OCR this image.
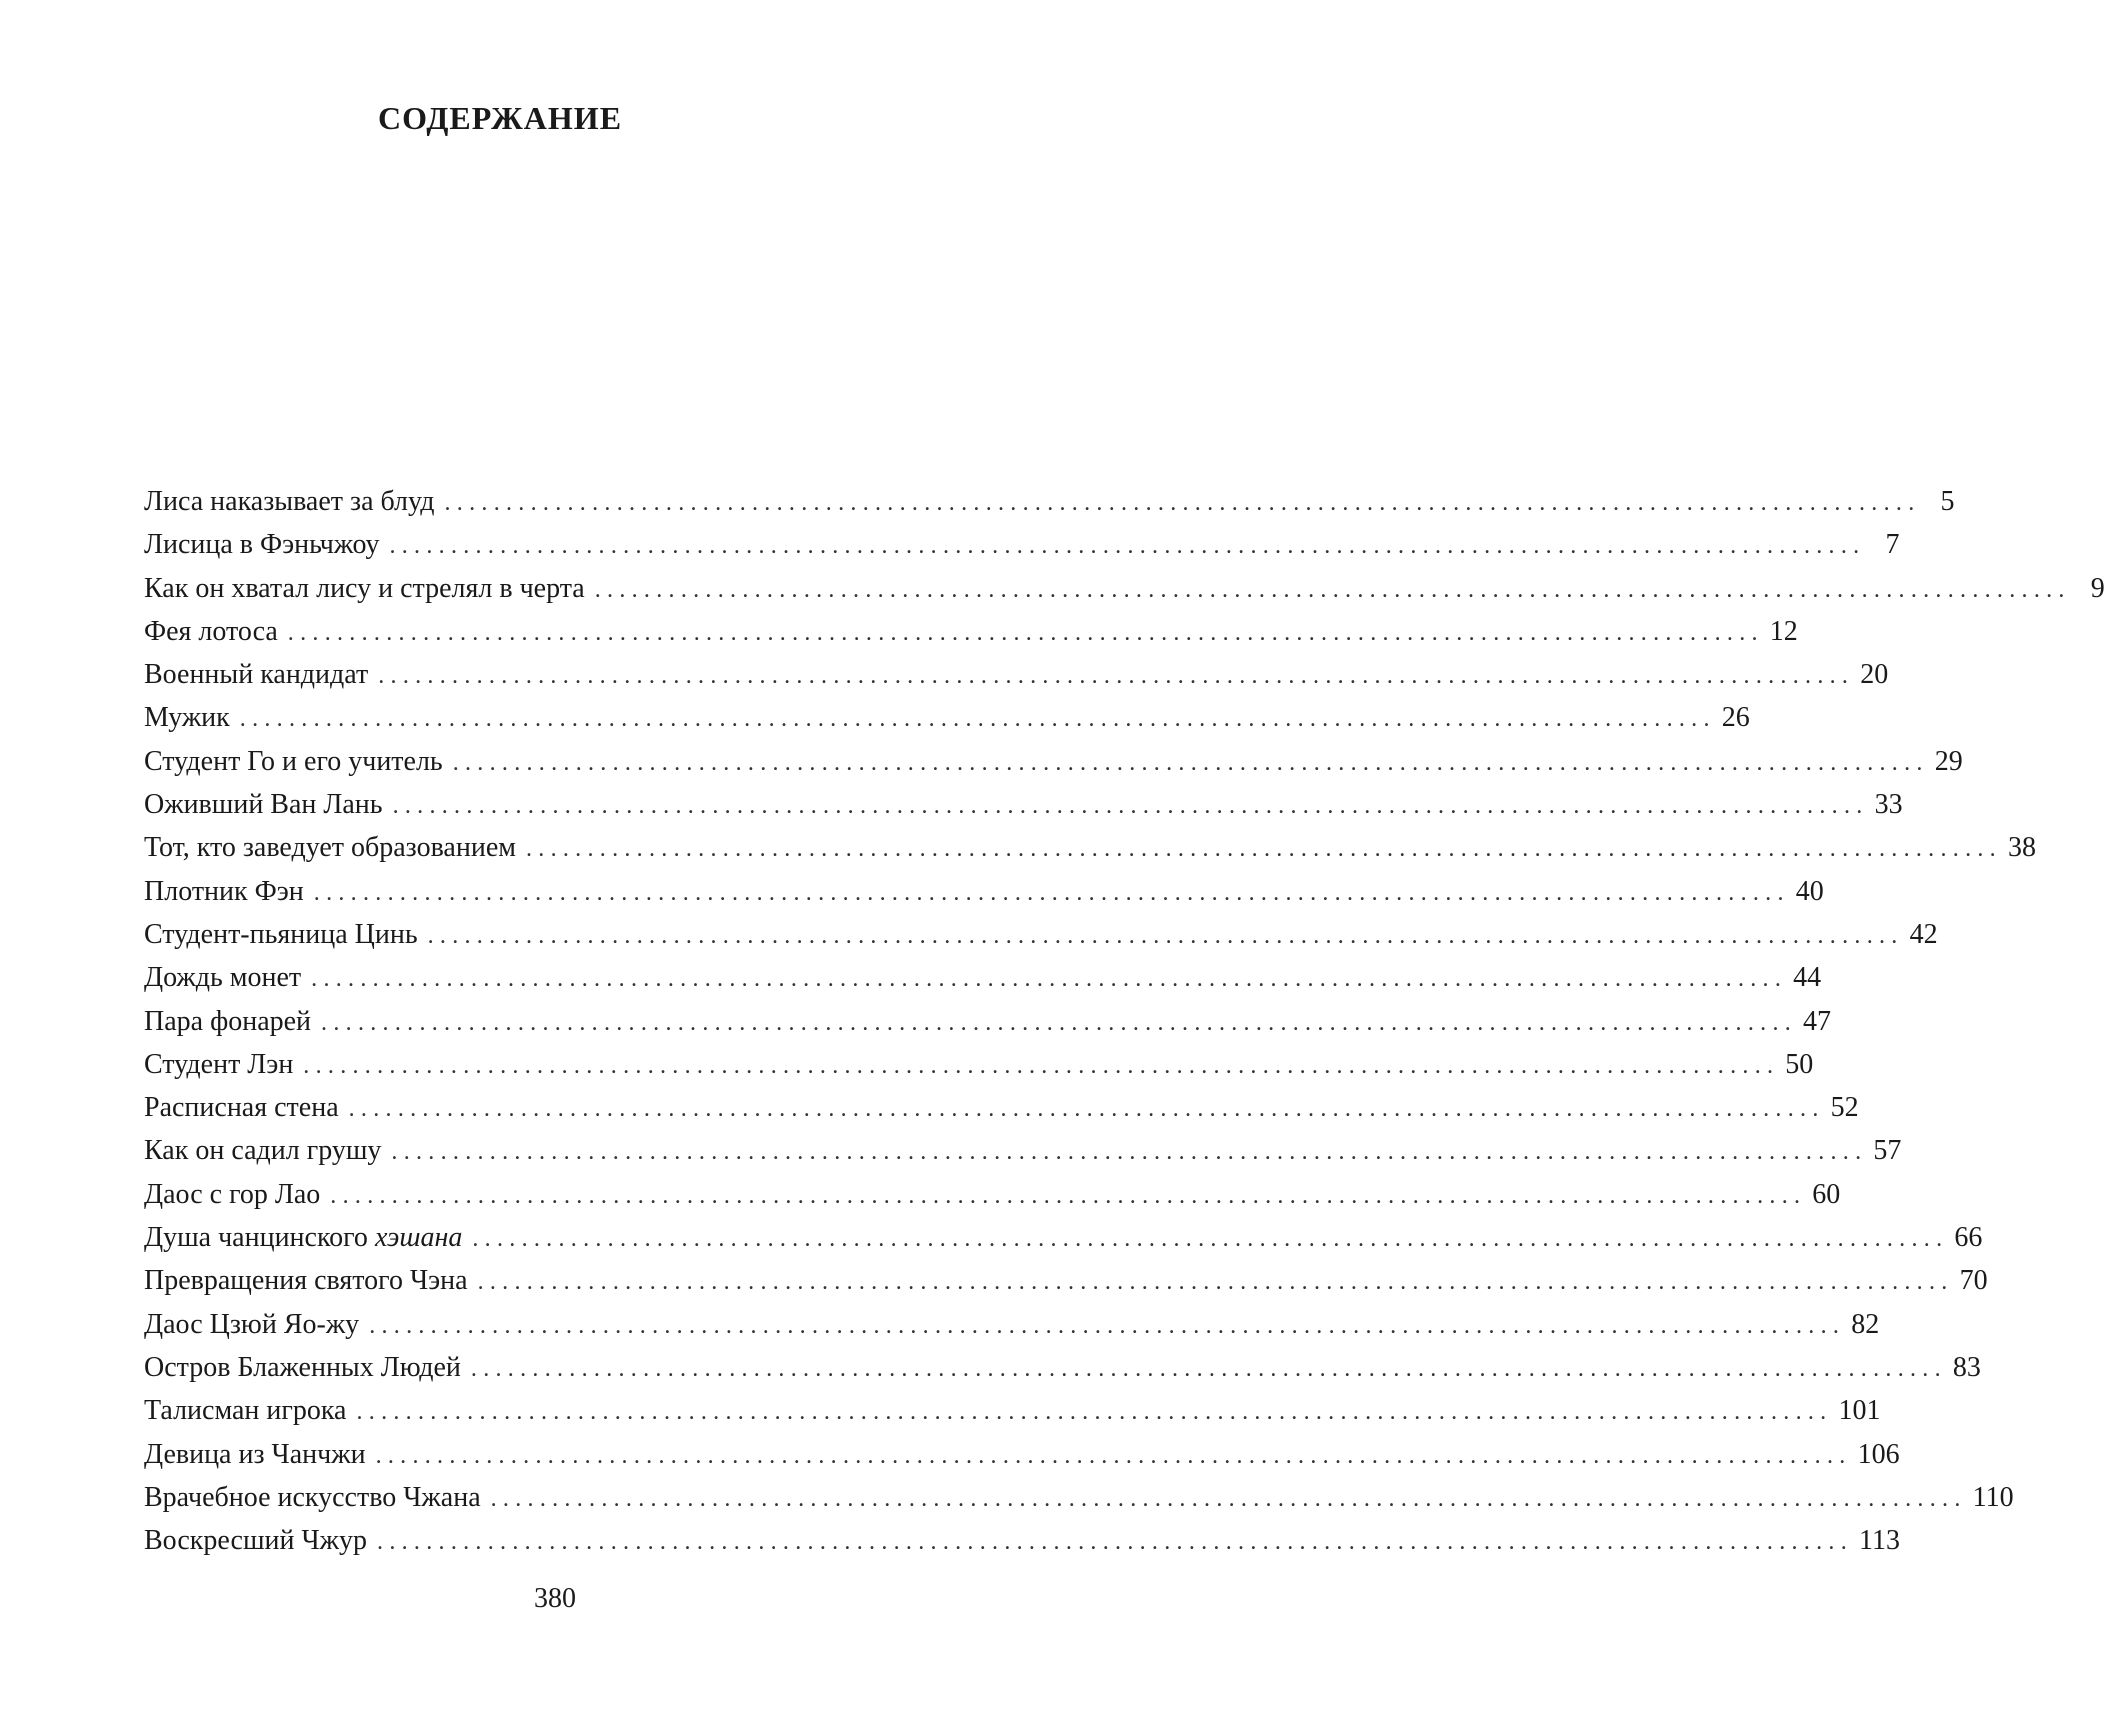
СОДЕРЖАНИЕ
Лиса наказывает за блуд ........................................................................................................................ 5
Лисица в Фэньчжоу ........................................................................................................................ 7
Как он хватал лису и стрелял в черта ........................................................................................................................ 9
Фея лотоса ........................................................................................................................ 12
Военный кандидат ........................................................................................................................ 20
Мужик ........................................................................................................................ 26
Студент Го и его учитель ........................................................................................................................ 29
Оживший Ван Лань ........................................................................................................................ 33
Тот, кто заведует образованием ........................................................................................................................ 38
Плотник Фэн ........................................................................................................................ 40
Студент-пьяница Цинь ........................................................................................................................ 42
Дождь монет ........................................................................................................................ 44
Пара фонарей ........................................................................................................................ 47
Студент Лэн ........................................................................................................................ 50
Расписная стена ........................................................................................................................ 52
Как он садил грушу ........................................................................................................................ 57
Даос с гор Лао ........................................................................................................................ 60
Душа чанцинского хэшана ........................................................................................................................ 66
Превращения святого Чэна ........................................................................................................................ 70
Даос Цзюй Яо-жу ........................................................................................................................ 82
Остров Блаженных Людей ........................................................................................................................ 83
Талисман игрока ........................................................................................................................ 101
Девица из Чанчжи ........................................................................................................................ 106
Врачебное искусство Чжана ........................................................................................................................ 110
Воскресший Чжур ........................................................................................................................ 113

380
